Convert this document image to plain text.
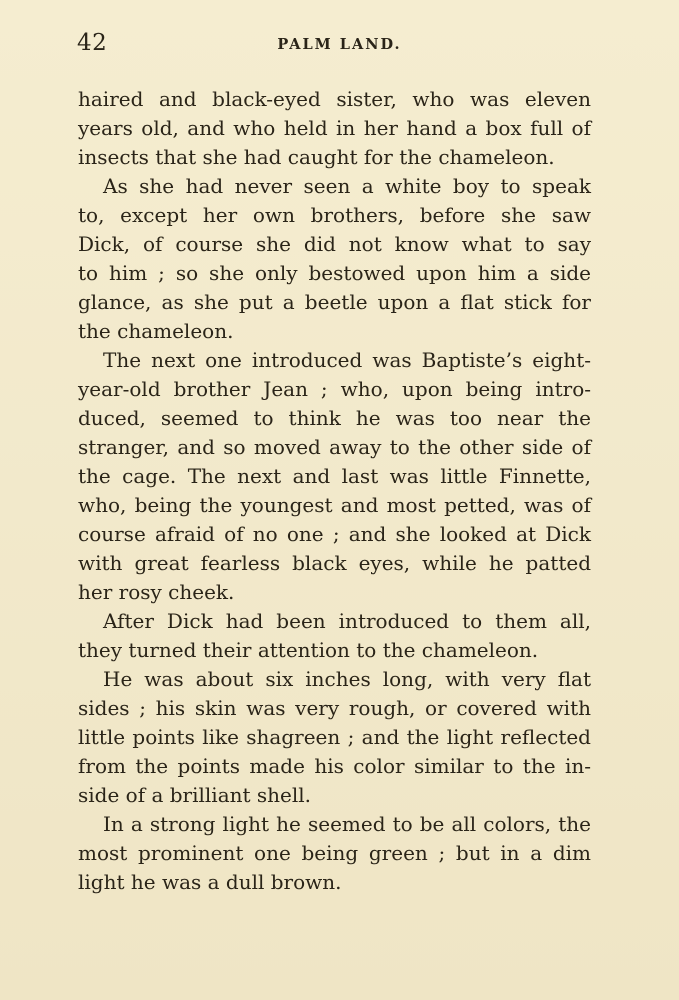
42	PALM LAND.
haired and black-eyed sister, who was eleven
years old, and who held in her hand a box full of
insects that she had caught for the chameleon.
As she had never seen a white boy to speak
to, except her own brothers, before she saw
Dick, of course she did not know what to say
to him ; so she only bestowed upon him a side
glance, as she put a beetle upon a flat stick for
the chameleon.
The next one introduced was Baptiste’s eight-
year-old brother Jean ; who, upon being intro-
duced, seemed to think he was too near the
stranger, and so moved away to the other side of
the cage. The next and last was little Finnette,
who, being the youngest and most petted, was of
course afraid of no one ; and she looked at Dick
with great fearless black eyes, while he patted
her rosy cheek.
After Dick had been introduced to them all,
they turned their attention to the chameleon.
He was about six inches long, with very flat
sides ; his skin was very rough, or covered with
little points like shagreen ; and the light reflected
from the points made his color similar to the in-
side of a brilliant shell.
In a strong light he seemed to be all colors, the
most prominent one being green ; but in a dim
light he was a dull brown.
